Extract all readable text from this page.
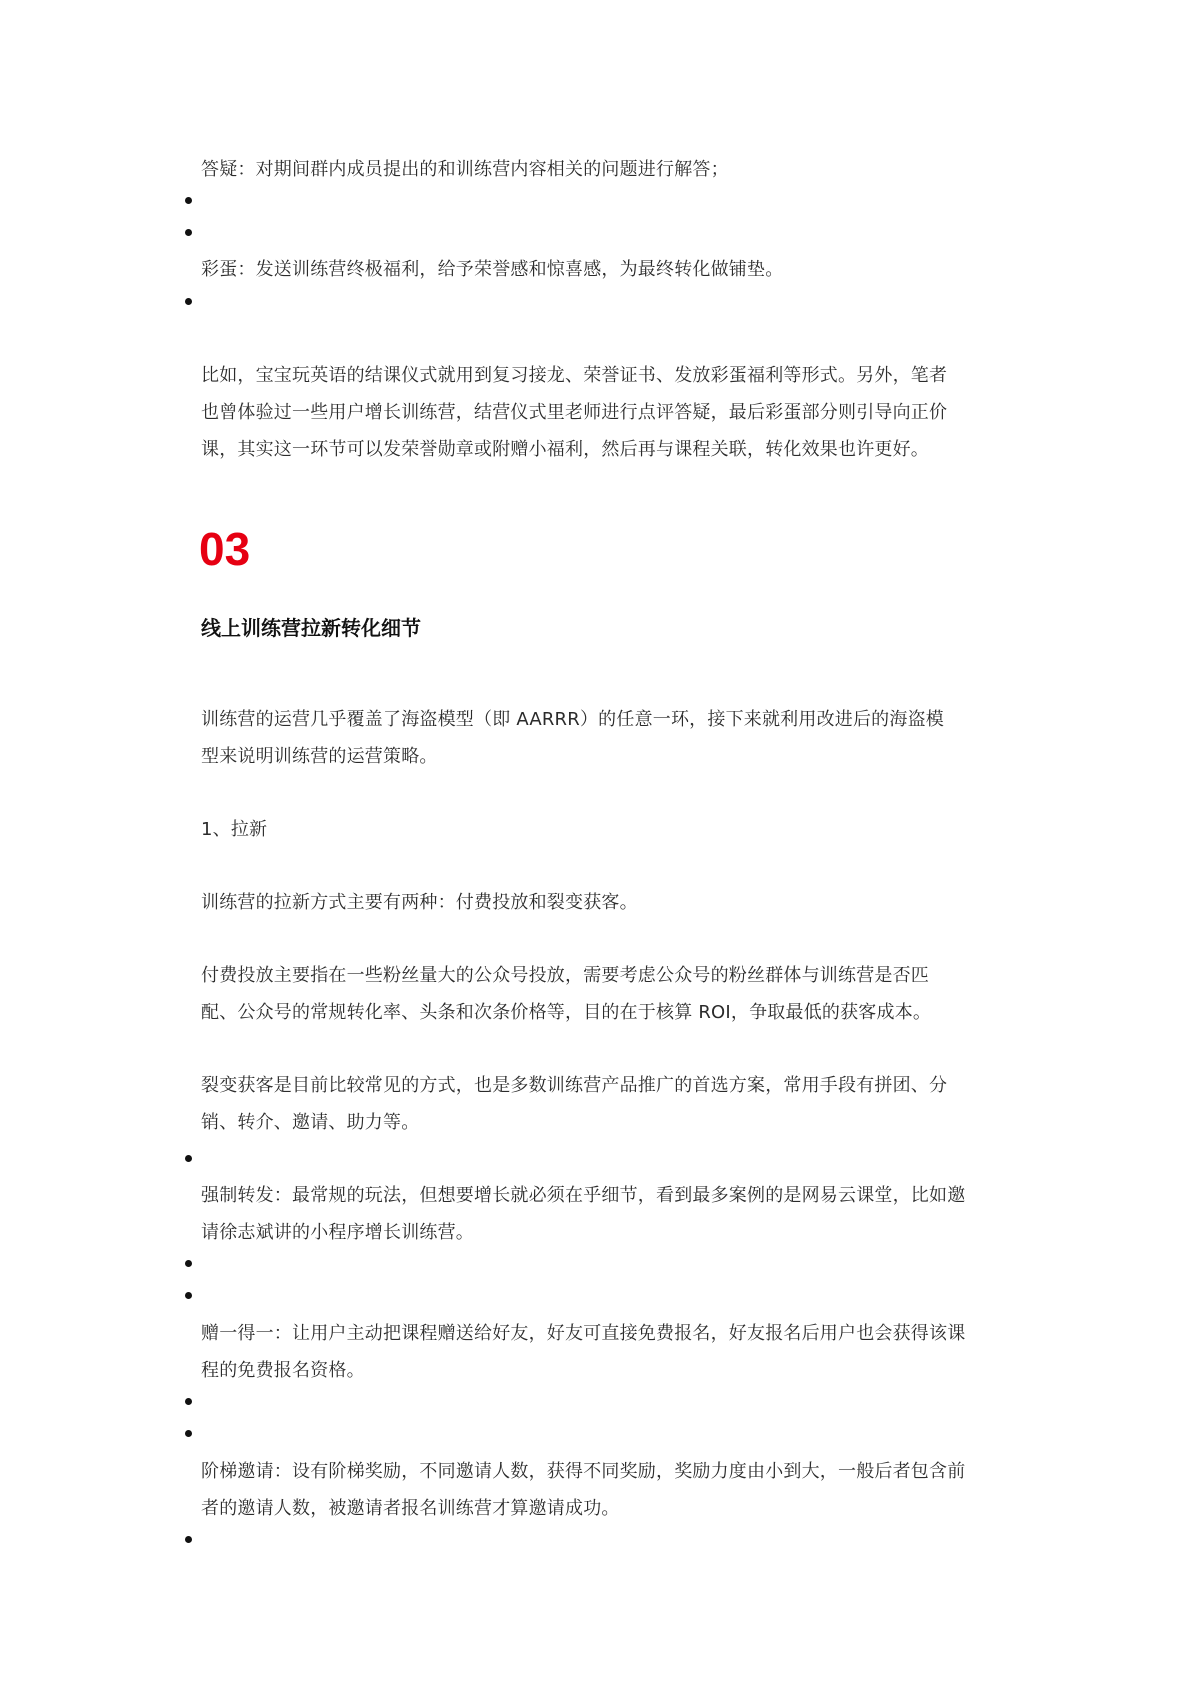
答疑：对期间群内成员提出的和训练营内容相关的问题进行解答；
彩蛋：发送训练营终极福利，给予荣誉感和惊喜感，为最终转化做铺垫。
比如，宝宝玩英语的结课仪式就用到复习接龙、荣誉证书、发放彩蛋福利等形式。另外，笔者
也曾体验过一些用户增长训练营，结营仪式里老师进行点评答疑，最后彩蛋部分则引导向正价
课，其实这一环节可以发荣誉勋章或附赠小福利，然后再与课程关联，转化效果也许更好。
03
线上训练营拉新转化细节
训练营的运营几乎覆盖了海盗模型（即 AARRR）的任意一环，接下来就利用改进后的海盗模
型来说明训练营的运营策略。
1、拉新
训练营的拉新方式主要有两种：付费投放和裂变获客。
付费投放主要指在一些粉丝量大的公众号投放，需要考虑公众号的粉丝群体与训练营是否匹
配、公众号的常规转化率、头条和次条价格等，目的在于核算 ROI，争取最低的获客成本。
裂变获客是目前比较常见的方式，也是多数训练营产品推广的首选方案，常用手段有拼团、分
销、转介、邀请、助力等。
强制转发：最常规的玩法，但想要增长就必须在乎细节，看到最多案例的是网易云课堂，比如邀
请徐志斌讲的小程序增长训练营。
赠一得一：让用户主动把课程赠送给好友，好友可直接免费报名，好友报名后用户也会获得该课
程的免费报名资格。
阶梯邀请：设有阶梯奖励，不同邀请人数，获得不同奖励，奖励力度由小到大，一般后者包含前
者的邀请人数，被邀请者报名训练营才算邀请成功。
